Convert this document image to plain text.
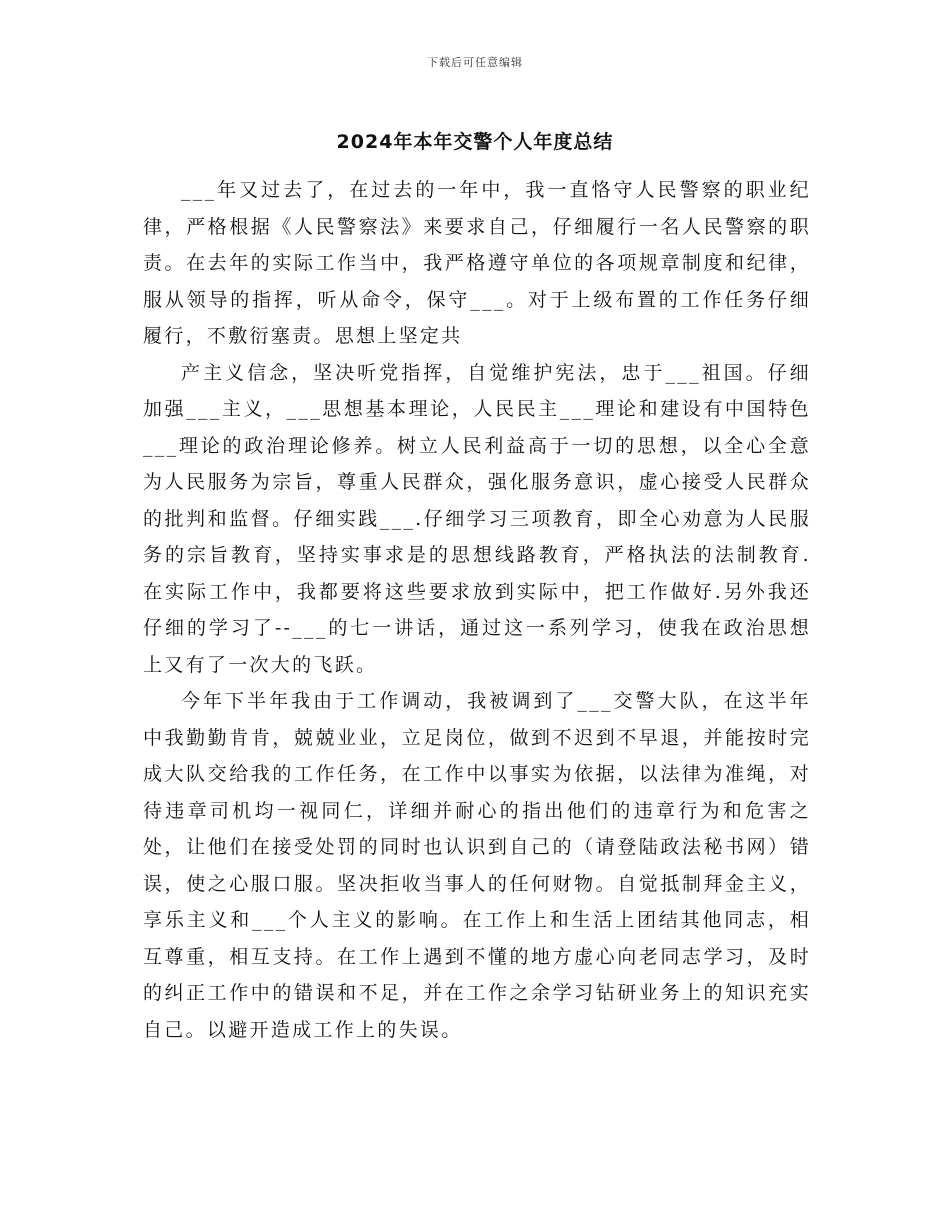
下载后可任意编辑
2024年本年交警个人年度总结

___年又过去了，在过去的一年中，我一直恪守人民警察的职业纪律，严格根据《人民警察法》来要求自己，仔细履行一名人民警察的职责。在去年的实际工作当中，我严格遵守单位的各项规章制度和纪律，服从领导的指挥，听从命令，保守___。对于上级布置的工作任务仔细履行，不敷衍塞责。思想上坚定共

产主义信念，坚决听党指挥，自觉维护宪法，忠于___祖国。仔细加强___主义，___思想基本理论，人民民主___理论和建设有中国特色___理论的政治理论修养。树立人民利益高于一切的思想，以全心全意为人民服务为宗旨，尊重人民群众，强化服务意识，虚心接受人民群众的批判和监督。仔细实践___.仔细学习三项教育，即全心劝意为人民服务的宗旨教育，坚持实事求是的思想线路教育，严格执法的法制教育.在实际工作中，我都要将这些要求放到实际中，把工作做好.另外我还仔细的学习了--___的七一讲话，通过这一系列学习，使我在政治思想上又有了一次大的飞跃。

今年下半年我由于工作调动，我被调到了___交警大队，在这半年中我勤勤肯肯，兢兢业业，立足岗位，做到不迟到不早退，并能按时完成大队交给我的工作任务，在工作中以事实为依据，以法律为准绳，对待违章司机均一视同仁，详细并耐心的指出他们的违章行为和危害之处，让他们在接受处罚的同时也认识到自己的（请登陆政法秘书网）错误，使之心服口服。坚决拒收当事人的任何财物。自觉抵制拜金主义，享乐主义和___个人主义的影响。在工作上和生活上团结其他同志，相互尊重，相互支持。在工作上遇到不懂的地方虚心向老同志学习，及时的纠正工作中的错误和不足，并在工作之余学习钻研业务上的知识充实自己。以避开造成工作上的失误。
